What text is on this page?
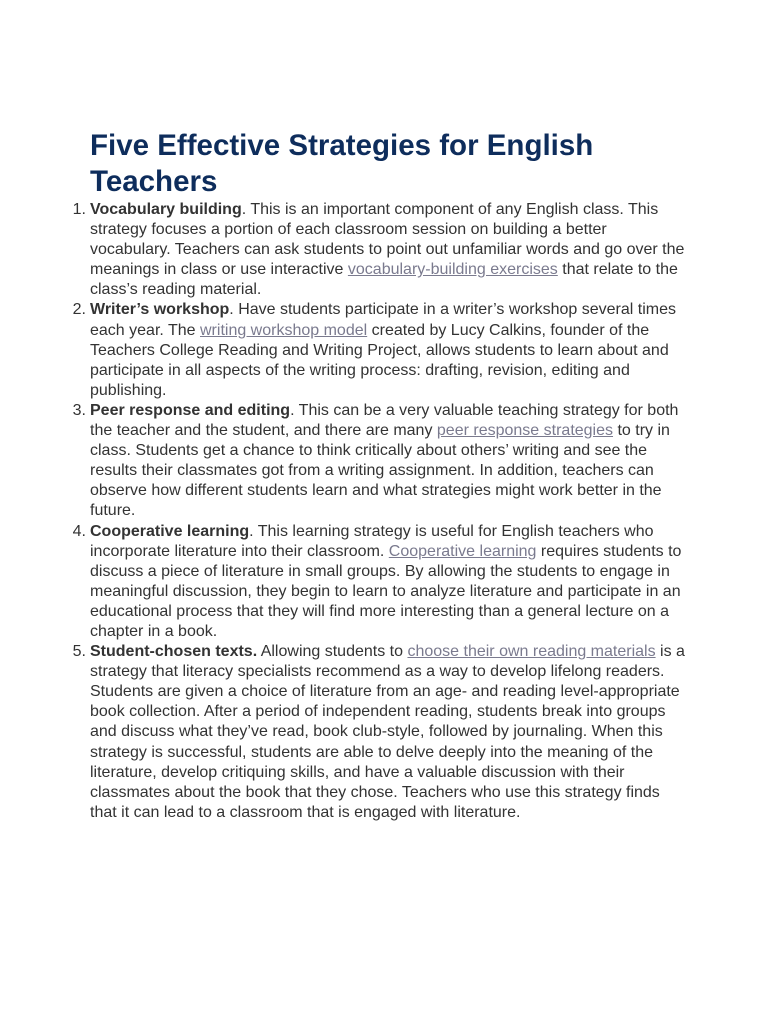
Five Effective Strategies for English Teachers
1. Vocabulary building. This is an important component of any English class. This strategy focuses a portion of each classroom session on building a better vocabulary. Teachers can ask students to point out unfamiliar words and go over the meanings in class or use interactive vocabulary-building exercises that relate to the class’s reading material.
2. Writer’s workshop. Have students participate in a writer’s workshop several times each year. The writing workshop model created by Lucy Calkins, founder of the Teachers College Reading and Writing Project, allows students to learn about and participate in all aspects of the writing process: drafting, revision, editing and publishing.
3. Peer response and editing. This can be a very valuable teaching strategy for both the teacher and the student, and there are many peer response strategies to try in class. Students get a chance to think critically about others’ writing and see the results their classmates got from a writing assignment. In addition, teachers can observe how different students learn and what strategies might work better in the future.
4. Cooperative learning. This learning strategy is useful for English teachers who incorporate literature into their classroom. Cooperative learning requires students to discuss a piece of literature in small groups. By allowing the students to engage in meaningful discussion, they begin to learn to analyze literature and participate in an educational process that they will find more interesting than a general lecture on a chapter in a book.
5. Student-chosen texts. Allowing students to choose their own reading materials is a strategy that literacy specialists recommend as a way to develop lifelong readers. Students are given a choice of literature from an age- and reading level-appropriate book collection. After a period of independent reading, students break into groups and discuss what they’ve read, book club-style, followed by journaling. When this strategy is successful, students are able to delve deeply into the meaning of the literature, develop critiquing skills, and have a valuable discussion with their classmates about the book that they chose. Teachers who use this strategy finds that it can lead to a classroom that is engaged with literature.
